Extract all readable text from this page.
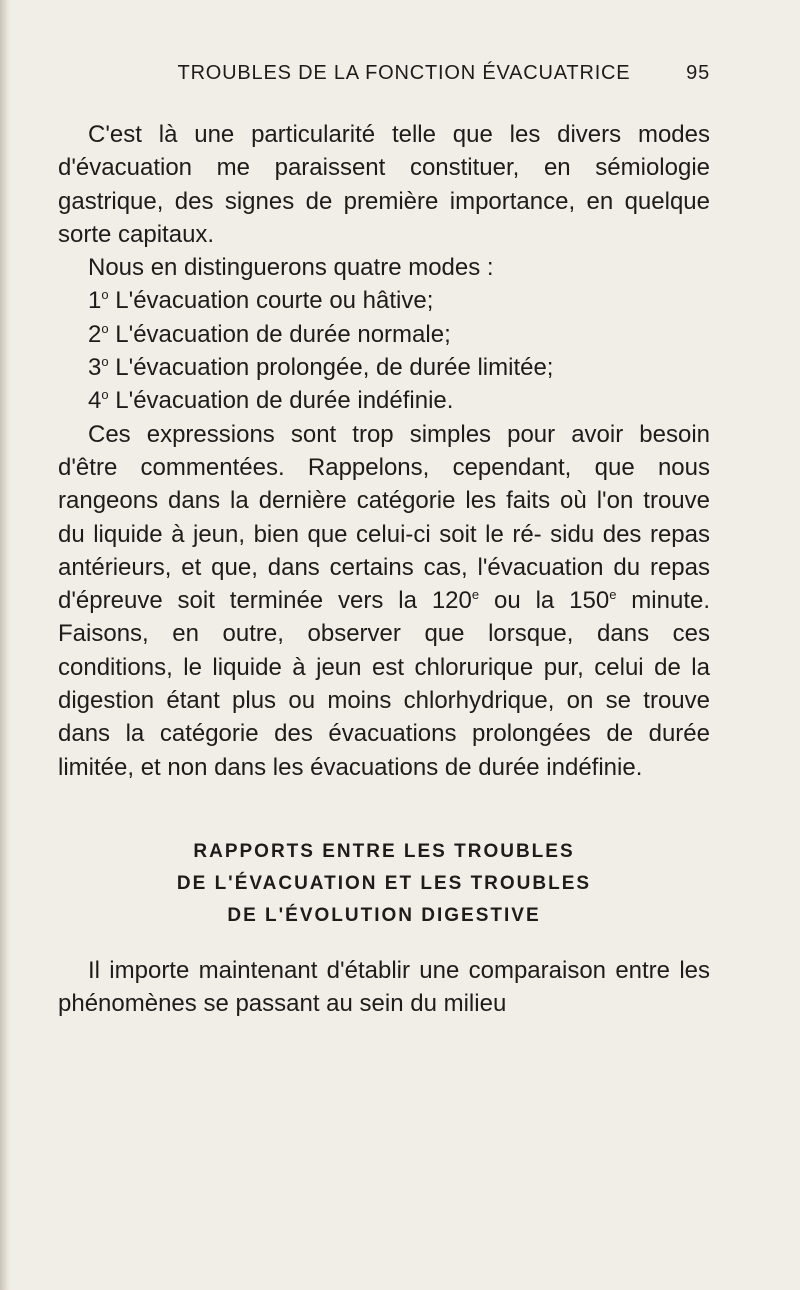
TROUBLES DE LA FONCTION ÉVACUATRICE	95

C'est là une particularité telle que les divers modes d'évacuation me paraissent constituer, en sémiologie gastrique, des signes de première importance, en quelque sorte capitaux.

Nous en distinguerons quatre modes :

1$^o$ L'évacuation courte ou hâtive;

2$^o$ L'évacuation de durée normale;

3$^o$ L'évacuation prolongée, de durée limitée;

4$^o$ L'évacuation de durée indéfinie.

Ces expressions sont trop simples pour avoir besoin d'être commentées. Rappelons, cependant, que nous rangeons dans la dernière catégorie les faits où l'on trouve du liquide à jeun, bien que celui-ci soit le ré- sidu des repas antérieurs, et que, dans certains cas, l'évacuation du repas d'épreuve soit terminée vers la 120e ou la 150e minute. Faisons, en outre, observer que lorsque, dans ces conditions, le liquide à jeun est chlorurique pur, celui de la digestion étant plus ou moins chlorhydrique, on se trouve dans la catégorie des évacuations prolongées de durée limitée, et non dans les évacuations de durée indéfinie.

RAPPORTS ENTRE LES TROUBLES
DE L'ÉVACUATION ET LES TROUBLES
DE L'ÉVOLUTION DIGESTIVE

Il importe maintenant d'établir une comparaison entre les phénomènes se passant au sein du milieu
